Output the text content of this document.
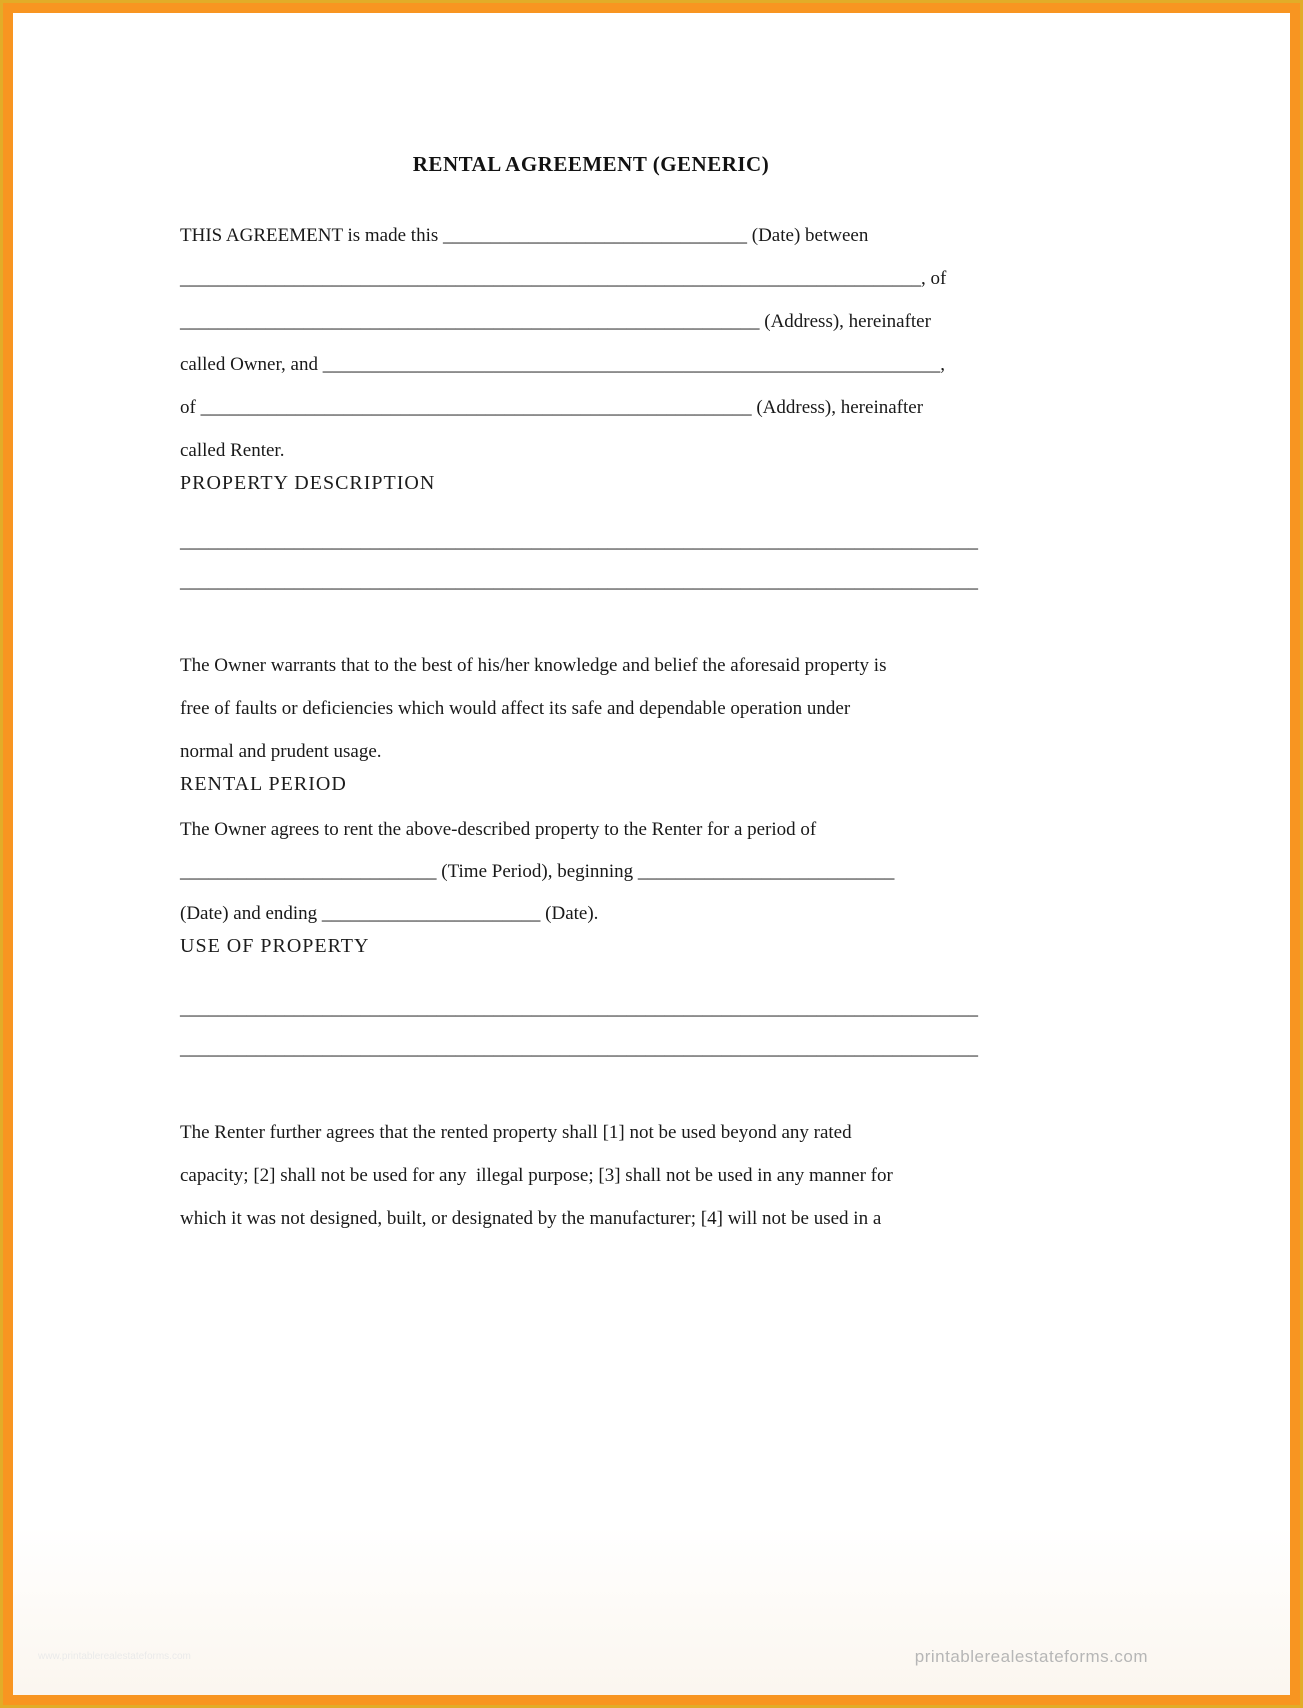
RENTAL AGREEMENT (GENERIC)
THIS AGREEMENT is made this ________________________________ (Date) between
______________________________________________________________________________, of
_____________________________________________________________ (Address), hereinafter
called Owner, and _________________________________________________________________,
of __________________________________________________________ (Address), hereinafter
called Renter.
PROPERTY DESCRIPTION
____________________________________________________________________________________
____________________________________________________________________________________

The Owner warrants that to the best of his/her knowledge and belief the aforesaid property is
free of faults or deficiencies which would affect its safe and dependable operation under
normal and prudent usage.

RENTAL PERIOD
The Owner agrees to rent the above-described property to the Renter for a period of
___________________________ (Time Period), beginning ___________________________
(Date) and ending _______________________ (Date).
USE OF PROPERTY
____________________________________________________________________________________
____________________________________________________________________________________

The Renter further agrees that the rented property shall [1] not be used beyond any rated
capacity; [2] shall not be used for any  illegal purpose; [3] shall not be used in any manner for
which it was not designed, built, or designated by the manufacturer; [4] will not be used in a

www.printablerealestateforms.com	printablerealestateforms.com
